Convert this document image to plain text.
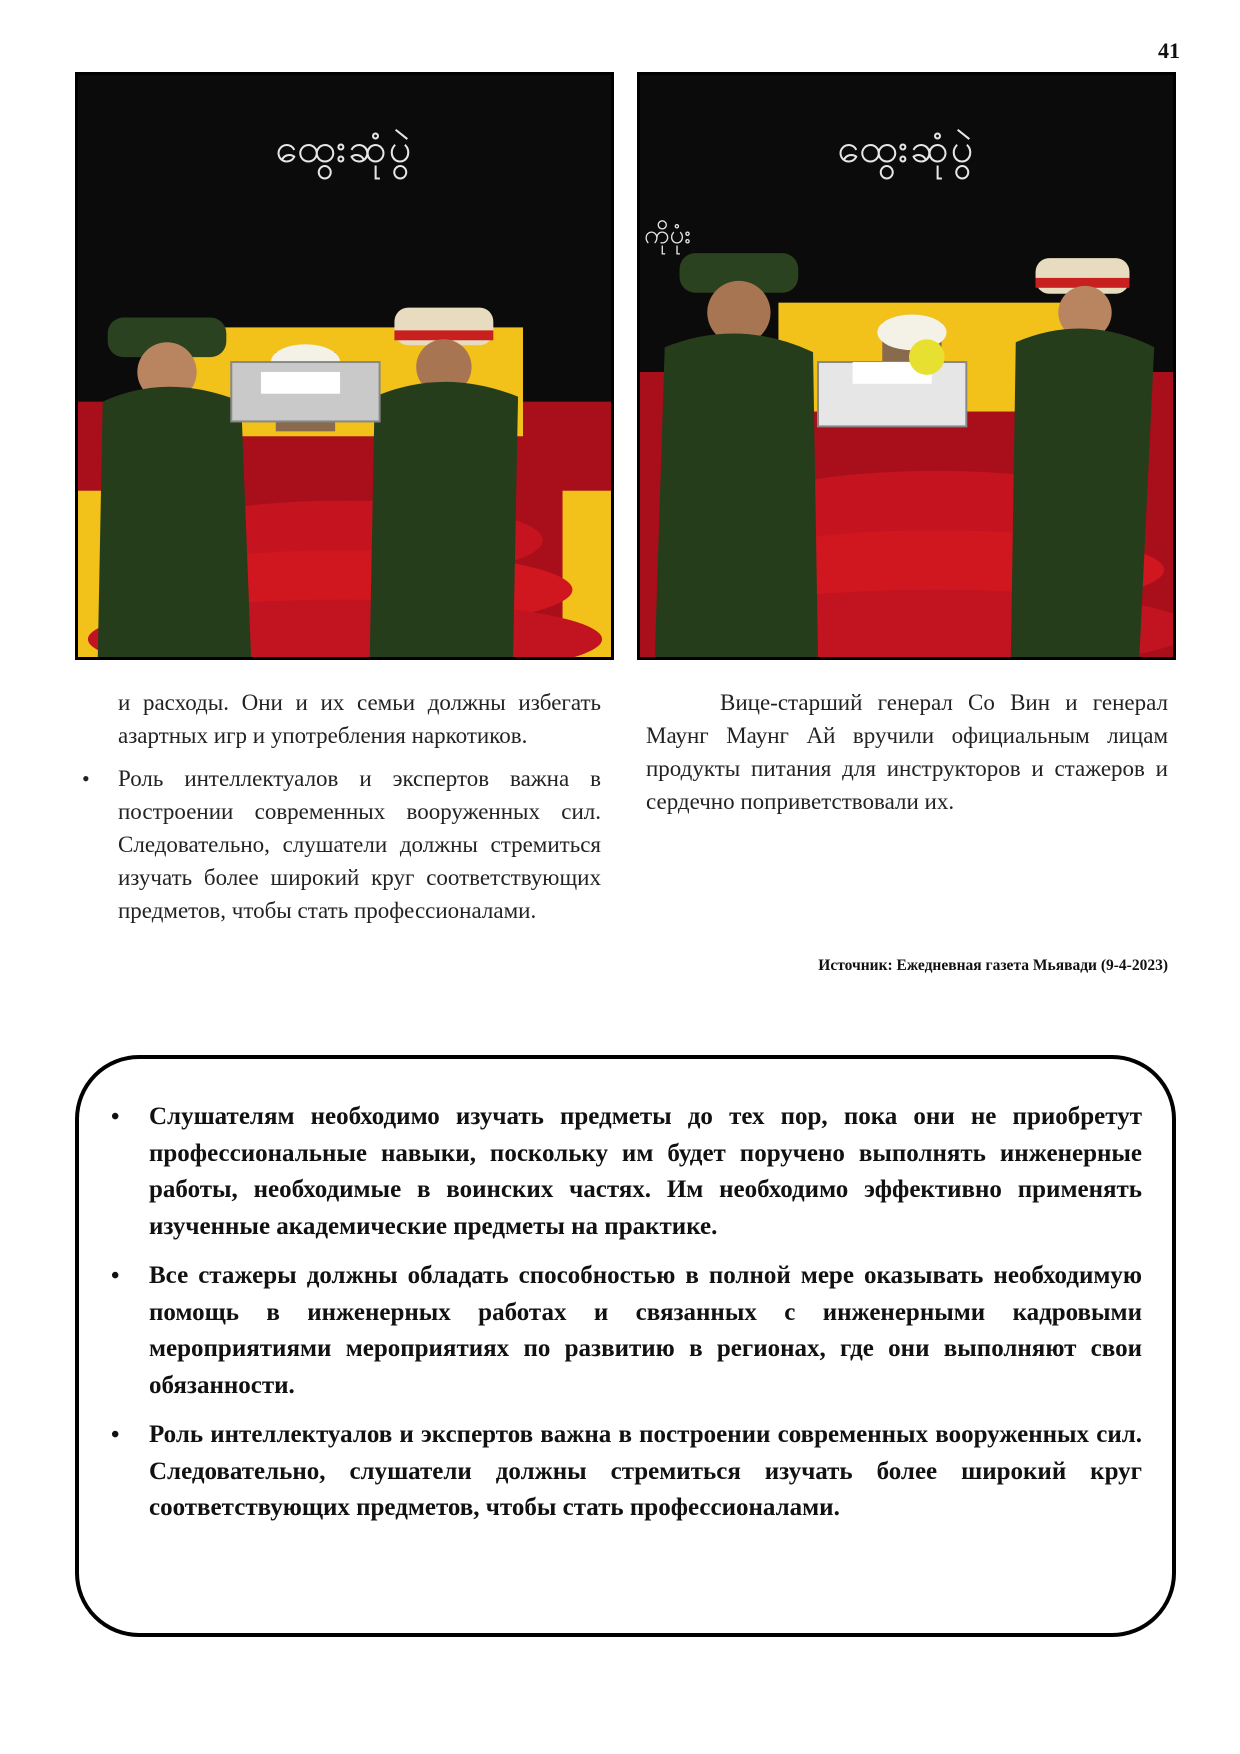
41
ထွေးဆုံပွဲ	ထွေးဆုံပွဲ
ကိုပုံး

и расходы. Они и их семьи должны избегать азартных игр и употребления наркотиков.

• Роль интеллектуалов и экспертов важна в построении современных вооруженных сил. Следовательно, слушатели должны стремиться изучать более широкий круг соответствующих предметов, чтобы стать профессионалами.

Вице-старший генерал Со Вин и генерал Маунг Маунг Ай вручили официальным лицам продукты питания для инструкторов и стажеров и сердечно поприветствовали их.

Источник: Ежедневная газета Мьявади (9-4-2023)
• Слушателям необходимо изучать предметы до тех пор, пока они не приобретут профессиональные навыки, поскольку им будет поручено выполнять инженерные работы, необходимые в воинских частях. Им необходимо эффективно применять изученные академические предметы на практике.
• Все стажеры должны обладать способностью в полной мере оказывать необходимую помощь в инженерных работах и связанных с инженерными кадровыми мероприятиями мероприятиях по развитию в регионах, где они выполняют свои обязанности.
• Роль интеллектуалов и экспертов важна в построении современных вооруженных сил. Следовательно, слушатели должны стремиться изучать более широкий круг соответствующих предметов, чтобы стать профессионалами.
